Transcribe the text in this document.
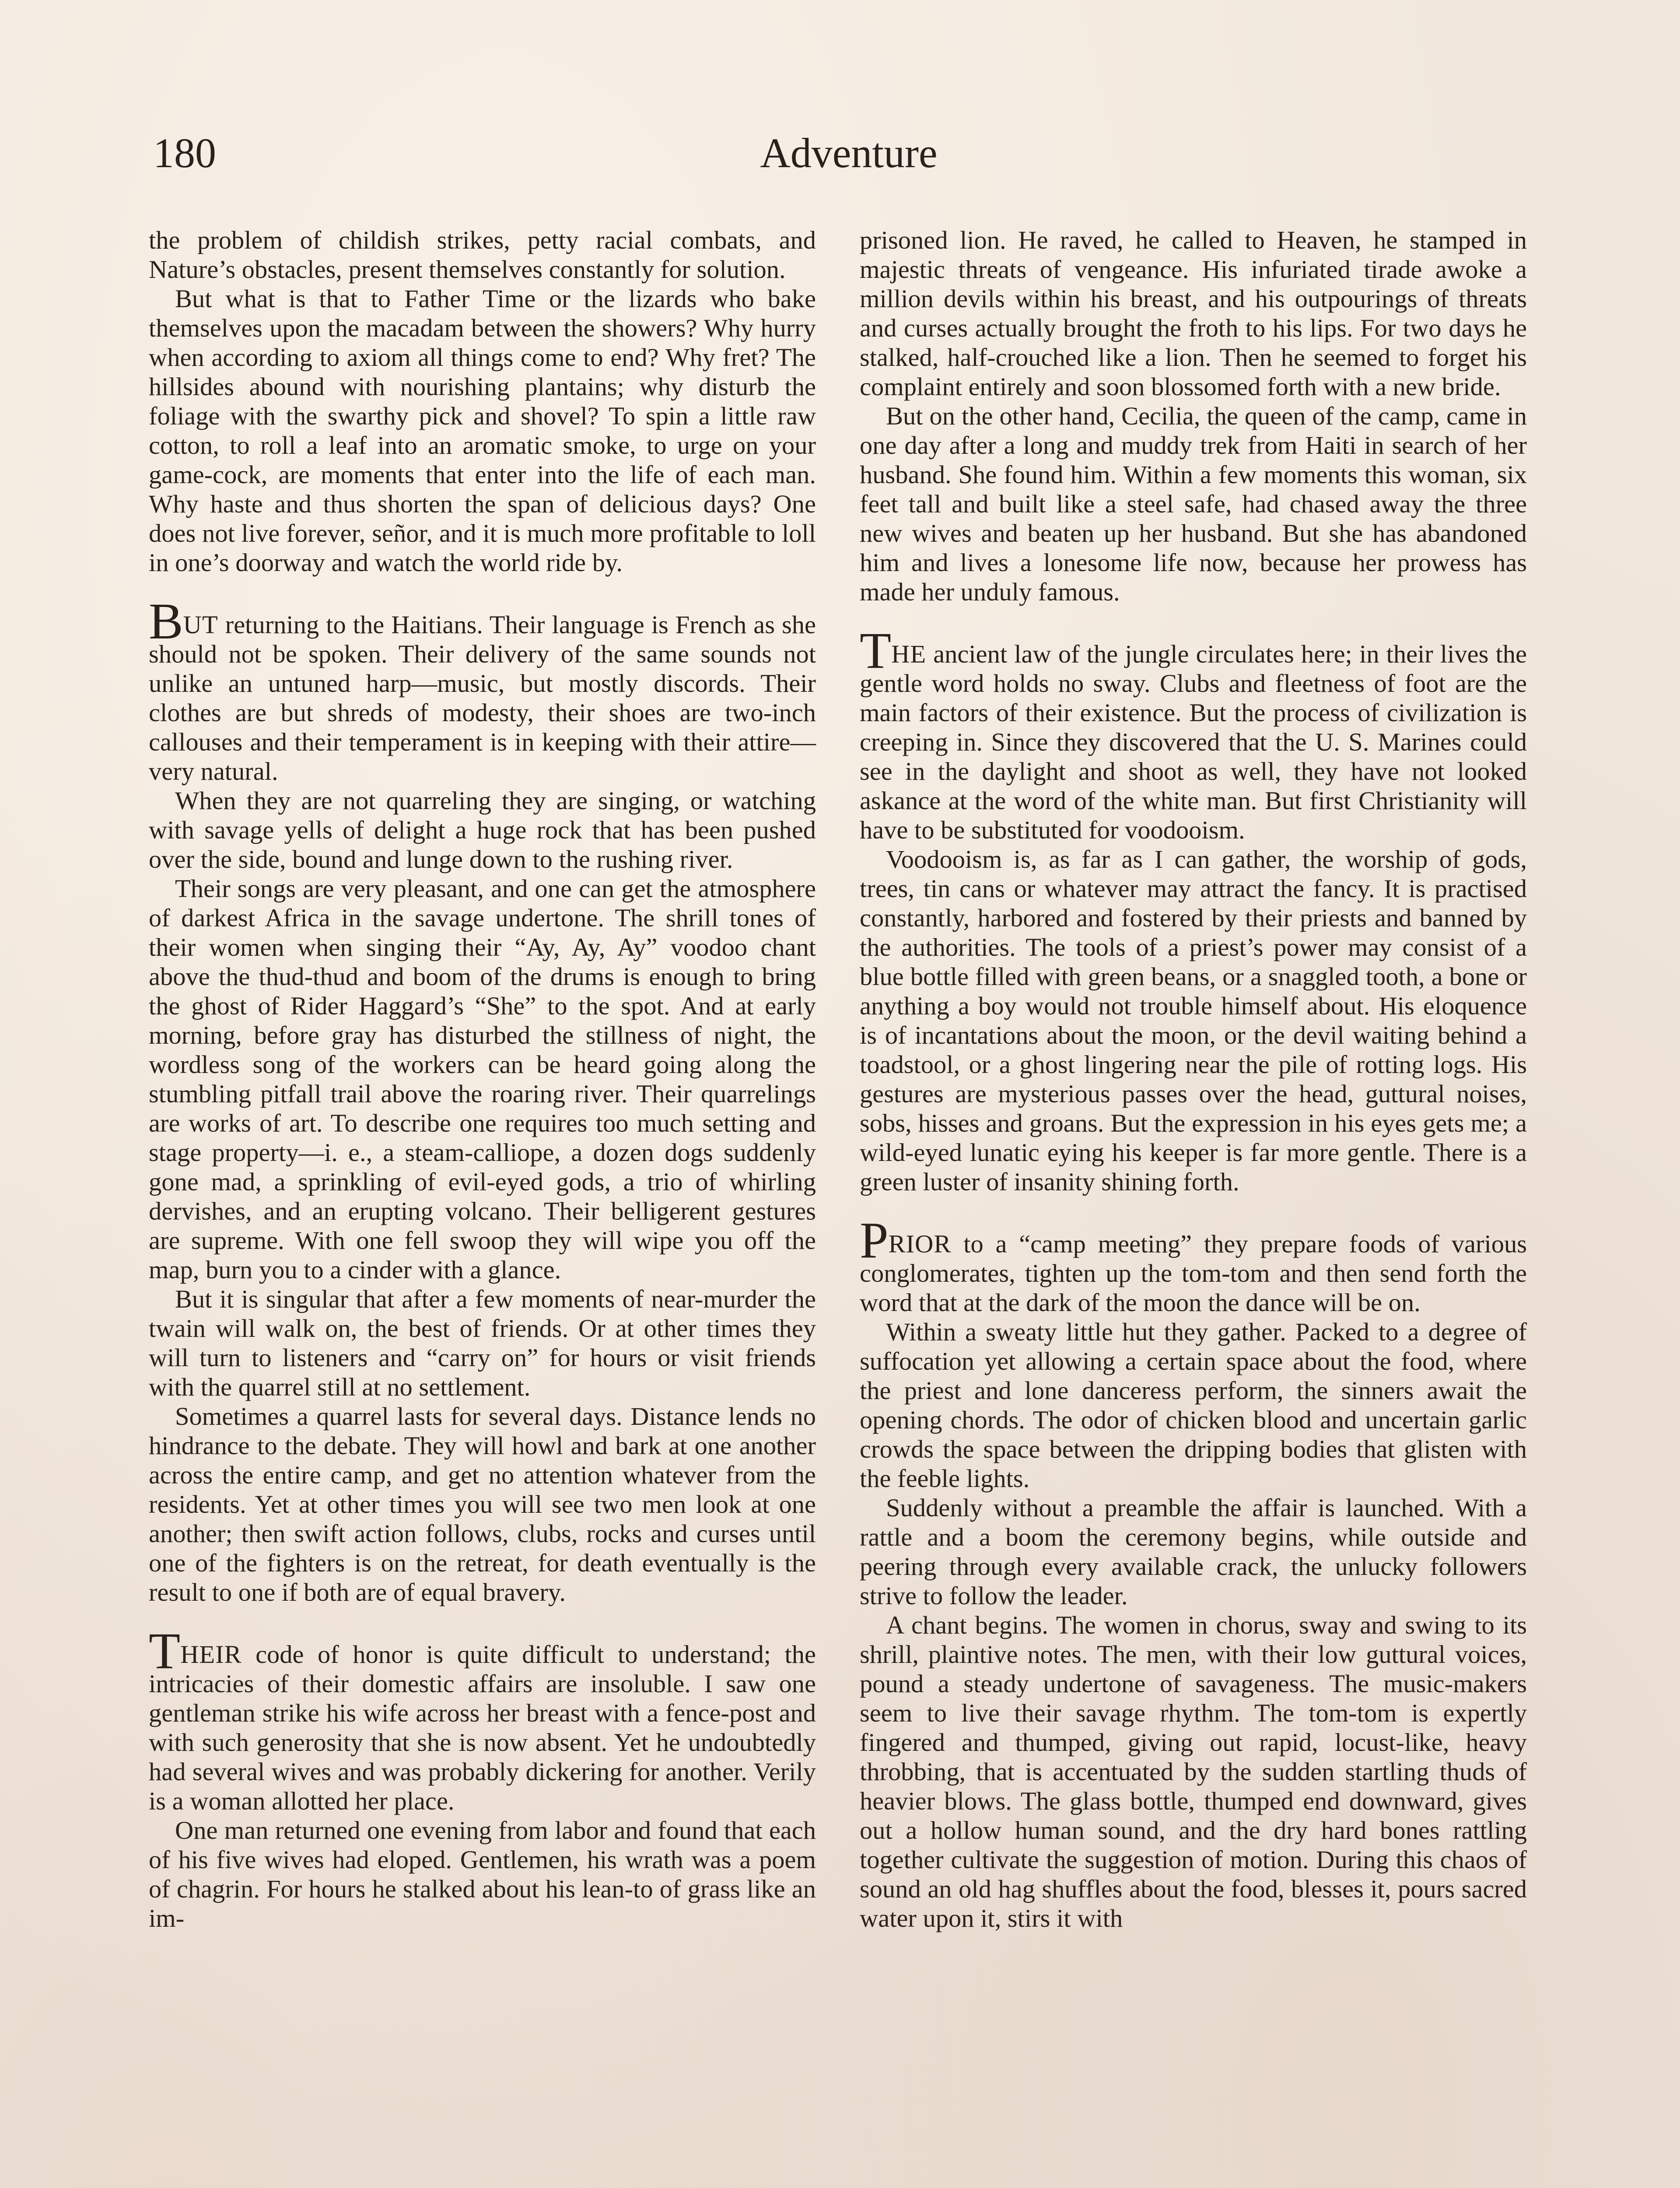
180	Adventure

the problem of childish strikes, petty racial combats, and Nature’s obstacles, present themselves constantly for solution.

But what is that to Father Time or the lizards who bake themselves upon the macadam between the showers? Why hurry when according to axiom all things come to end? Why fret? The hillsides abound with nourishing plantains; why disturb the foliage with the swarthy pick and shovel? To spin a little raw cotton, to roll a leaf into an aromatic smoke, to urge on your game-cock, are moments that enter into the life of each man. Why haste and thus shorten the span of delicious days? One does not live forever, señor, and it is much more profitable to loll in one’s doorway and watch the world ride by.

BUT returning to the Haitians. Their language is French as she should not be spoken. Their delivery of the same sounds not unlike an untuned harp—music, but mostly discords. Their clothes are but shreds of modesty, their shoes are two-inch callouses and their temperament is in keeping with their attire—very natural.

When they are not quarreling they are singing, or watching with savage yells of delight a huge rock that has been pushed over the side, bound and lunge down to the rushing river.

Their songs are very pleasant, and one can get the atmosphere of darkest Africa in the savage undertone. The shrill tones of their women when singing their “Ay, Ay, Ay” voodoo chant above the thud-thud and boom of the drums is enough to bring the ghost of Rider Haggard’s “She” to the spot. And at early morning, before gray has disturbed the stillness of night, the wordless song of the workers can be heard going along the stumbling pitfall trail above the roaring river. Their quarrelings are works of art. To describe one requires too much setting and stage property—i. e., a steam-calliope, a dozen dogs suddenly gone mad, a sprinkling of evil-eyed gods, a trio of whirling dervishes, and an erupting volcano. Their belligerent gestures are supreme. With one fell swoop they will wipe you off the map, burn you to a cinder with a glance.

But it is singular that after a few moments of near-murder the twain will walk on, the best of friends. Or at other times they will turn to listeners and “carry on” for hours or visit friends with the quarrel still at no settlement.

Sometimes a quarrel lasts for several days. Distance lends no hindrance to the debate. They will howl and bark at one another across the entire camp, and get no attention whatever from the residents. Yet at other times you will see two men look at one another; then swift action follows, clubs, rocks and curses until one of the fighters is on the retreat, for death eventually is the result to one if both are of equal bravery.

THEIR code of honor is quite difficult to understand; the intricacies of their domestic affairs are insoluble. I saw one gentleman strike his wife across her breast with a fence-post and with such generosity that she is now absent. Yet he undoubtedly had several wives and was probably dickering for another. Verily is a woman allotted her place.

One man returned one evening from labor and found that each of his five wives had eloped. Gentlemen, his wrath was a poem of chagrin. For hours he stalked about his lean-to of grass like an im-

prisoned lion. He raved, he called to Heaven, he stamped in majestic threats of vengeance. His infuriated tirade awoke a million devils within his breast, and his outpourings of threats and curses actually brought the froth to his lips. For two days he stalked, half-crouched like a lion. Then he seemed to forget his complaint entirely and soon blossomed forth with a new bride.

But on the other hand, Cecilia, the queen of the camp, came in one day after a long and muddy trek from Haiti in search of her husband. She found him. Within a few moments this woman, six feet tall and built like a steel safe, had chased away the three new wives and beaten up her husband. But she has abandoned him and lives a lonesome life now, because her prowess has made her unduly famous.

THE ancient law of the jungle circulates here; in their lives the gentle word holds no sway. Clubs and fleetness of foot are the main factors of their existence. But the process of civilization is creeping in. Since they discovered that the U. S. Marines could see in the daylight and shoot as well, they have not looked askance at the word of the white man. But first Christianity will have to be substituted for voodooism.

Voodooism is, as far as I can gather, the worship of gods, trees, tin cans or whatever may attract the fancy. It is practised constantly, harbored and fostered by their priests and banned by the authorities. The tools of a priest’s power may consist of a blue bottle filled with green beans, or a snaggled tooth, a bone or anything a boy would not trouble himself about. His eloquence is of incantations about the moon, or the devil waiting behind a toadstool, or a ghost lingering near the pile of rotting logs. His gestures are mysterious passes over the head, guttural noises, sobs, hisses and groans. But the expression in his eyes gets me; a wild-eyed lunatic eying his keeper is far more gentle. There is a green luster of insanity shining forth.

PRIOR to a “camp meeting” they prepare foods of various conglomerates, tighten up the tom-tom and then send forth the word that at the dark of the moon the dance will be on.

Within a sweaty little hut they gather. Packed to a degree of suffocation yet allowing a certain space about the food, where the priest and lone danceress perform, the sinners await the opening chords. The odor of chicken blood and uncertain garlic crowds the space between the dripping bodies that glisten with the feeble lights.

Suddenly without a preamble the affair is launched. With a rattle and a boom the ceremony begins, while outside and peering through every available crack, the unlucky followers strive to follow the leader.

A chant begins. The women in chorus, sway and swing to its shrill, plaintive notes. The men, with their low guttural voices, pound a steady undertone of savageness. The music-makers seem to live their savage rhythm. The tom-tom is expertly fingered and thumped, giving out rapid, locust-like, heavy throbbing, that is accentuated by the sudden startling thuds of heavier blows. The glass bottle, thumped end downward, gives out a hollow human sound, and the dry hard bones rattling together cultivate the suggestion of motion. During this chaos of sound an old hag shuffles about the food, blesses it, pours sacred water upon it, stirs it with
